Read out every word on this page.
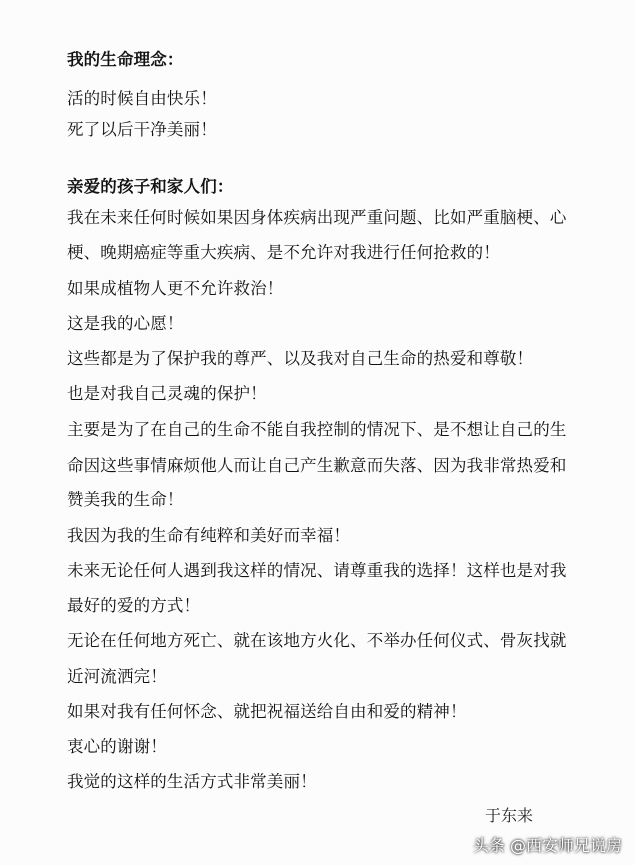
我的生命理念：
活的时候自由快乐！
死了以后干净美丽！
亲爱的孩子和家人们：
我在未来任何时候如果因身体疾病出现严重问题、比如严重脑梗、心
梗、晚期癌症等重大疾病、是不允许对我进行任何抢救的！
如果成植物人更不允许救治！
这是我的心愿！
这些都是为了保护我的尊严、以及我对自己生命的热爱和尊敬！
也是对我自己灵魂的保护！
主要是为了在自己的生命不能自我控制的情况下、是不想让自己的生
命因这些事情麻烦他人而让自己产生歉意而失落、因为我非常热爱和
赞美我的生命！
我因为我的生命有纯粹和美好而幸福！
未来无论任何人遇到我这样的情况、请尊重我的选择！这样也是对我
最好的爱的方式！
无论在任何地方死亡、就在该地方火化、不举办任何仪式、骨灰找就
近河流洒完！
如果对我有任何怀念、就把祝福送给自由和爱的精神！
衷心的谢谢！
我觉的这样的生活方式非常美丽！
于东来
头条 @西安师兄说房
